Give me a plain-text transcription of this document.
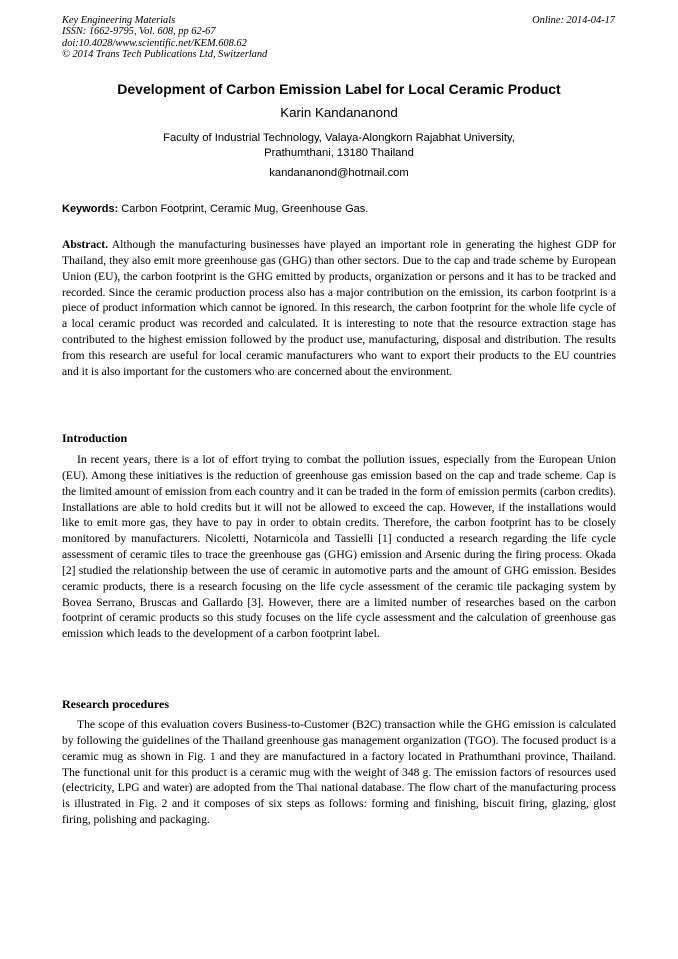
Key Engineering Materials
ISSN: 1662-9795, Vol. 608, pp 62-67
doi:10.4028/www.scientific.net/KEM.608.62
© 2014 Trans Tech Publications Ltd, Switzerland
Online: 2014-04-17
Development of Carbon Emission Label for Local Ceramic Product
Karin Kandananond
Faculty of Industrial Technology, Valaya-Alongkorn Rajabhat University,
Prathumthani, 13180 Thailand
kandananond@hotmail.com
Keywords: Carbon Footprint, Ceramic Mug, Greenhouse Gas.
Abstract. Although the manufacturing businesses have played an important role in generating the highest GDP for Thailand, they also emit more greenhouse gas (GHG) than other sectors. Due to the cap and trade scheme by European Union (EU), the carbon footprint is the GHG emitted by products, organization or persons and it has to be tracked and recorded. Since the ceramic production process also has a major contribution on the emission, its carbon footprint is a piece of product information which cannot be ignored. In this research, the carbon footprint for the whole life cycle of a local ceramic product was recorded and calculated. It is interesting to note that the resource extraction stage has contributed to the highest emission followed by the product use, manufacturing, disposal and distribution. The results from this research are useful for local ceramic manufacturers who want to export their products to the EU countries and it is also important for the customers who are concerned about the environment.
Introduction
In recent years, there is a lot of effort trying to combat the pollution issues, especially from the European Union (EU). Among these initiatives is the reduction of greenhouse gas emission based on the cap and trade scheme. Cap is the limited amount of emission from each country and it can be traded in the form of emission permits (carbon credits). Installations are able to hold credits but it will not be allowed to exceed the cap. However, if the installations would like to emit more gas, they have to pay in order to obtain credits. Therefore, the carbon footprint has to be closely monitored by manufacturers. Nicoletti, Notarnicola and Tassielli [1] conducted a research regarding the life cycle assessment of ceramic tiles to trace the greenhouse gas (GHG) emission and Arsenic during the firing process. Okada [2] studied the relationship between the use of ceramic in automotive parts and the amount of GHG emission. Besides ceramic products, there is a research focusing on the life cycle assessment of the ceramic tile packaging system by Bovea Serrano, Bruscas and Gallardo [3]. However, there are a limited number of researches based on the carbon footprint of ceramic products so this study focuses on the life cycle assessment and the calculation of greenhouse gas emission which leads to the development of a carbon footprint label.
Research procedures
The scope of this evaluation covers Business-to-Customer (B2C) transaction while the GHG emission is calculated by following the guidelines of the Thailand greenhouse gas management organization (TGO). The focused product is a ceramic mug as shown in Fig. 1 and they are manufactured in a factory located in Prathumthani province, Thailand. The functional unit for this product is a ceramic mug with the weight of 348 g. The emission factors of resources used (electricity, LPG and water) are adopted from the Thai national database. The flow chart of the manufacturing process is illustrated in Fig. 2 and it composes of six steps as follows: forming and finishing, biscuit firing, glazing, glost firing, polishing and packaging.
